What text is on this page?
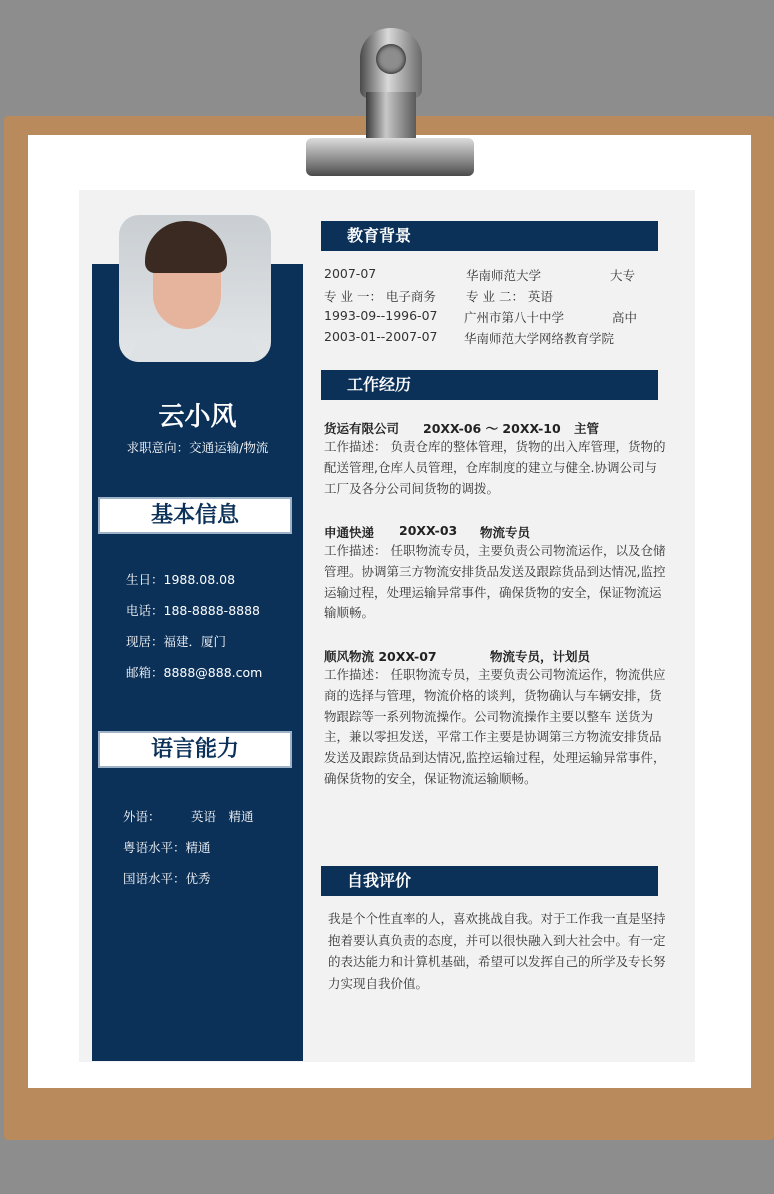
云小风
求职意向：交通运输/物流
基本信息
生日：1988.08.08
电话：188-8888-8888
现居：福建．厦门
邮箱：8888@888.com
语言能力
外语： 英语　精通
粤语水平：精通
国语水平：优秀
教育背景
2007-07	华南师范大学	大专
专 业 一： 电子商务 专 业 二： 英语
1993-09--1996-07 广州市第八十中学	高中
2003-01--2007-07 华南师范大学网络教育学院
工作经历
货运有限公司 20XX-06 ～ 20XX-10 主管
工作描述： 负责仓库的整体管理，货物的出入库管理，货物的配送管理,仓库人员管理，仓库制度的建立与健全.协调公司与工厂及各分公司间货物的调拨。
申通快递 20XX-03 物流专员
工作描述： 任职物流专员，主要负责公司物流运作，以及仓储管理。协调第三方物流安排货品发送及跟踪货品到达情况,监控运输过程，处理运输异常事件，确保货物的安全，保证物流运输顺畅。
顺风物流 20XX-07	物流专员，计划员
工作描述： 任职物流专员，主要负责公司物流运作，物流供应商的选择与管理，物流价格的谈判，货物确认与车辆安排，货物跟踪等一系列物流操作。公司物流操作主要以整车 送货为主，兼以零担发送，平常工作主要是协调第三方物流安排货品发送及跟踪货品到达情况,监控运输过程，处理运输异常事件，确保货物的安全，保证物流运输顺畅。
自我评价
我是个个性直率的人，喜欢挑战自我。对于工作我一直是坚持抱着要认真负责的态度，并可以很快融入到大社会中。有一定的表达能力和计算机基础，希望可以发挥自己的所学及专长努力实现自我价值。
